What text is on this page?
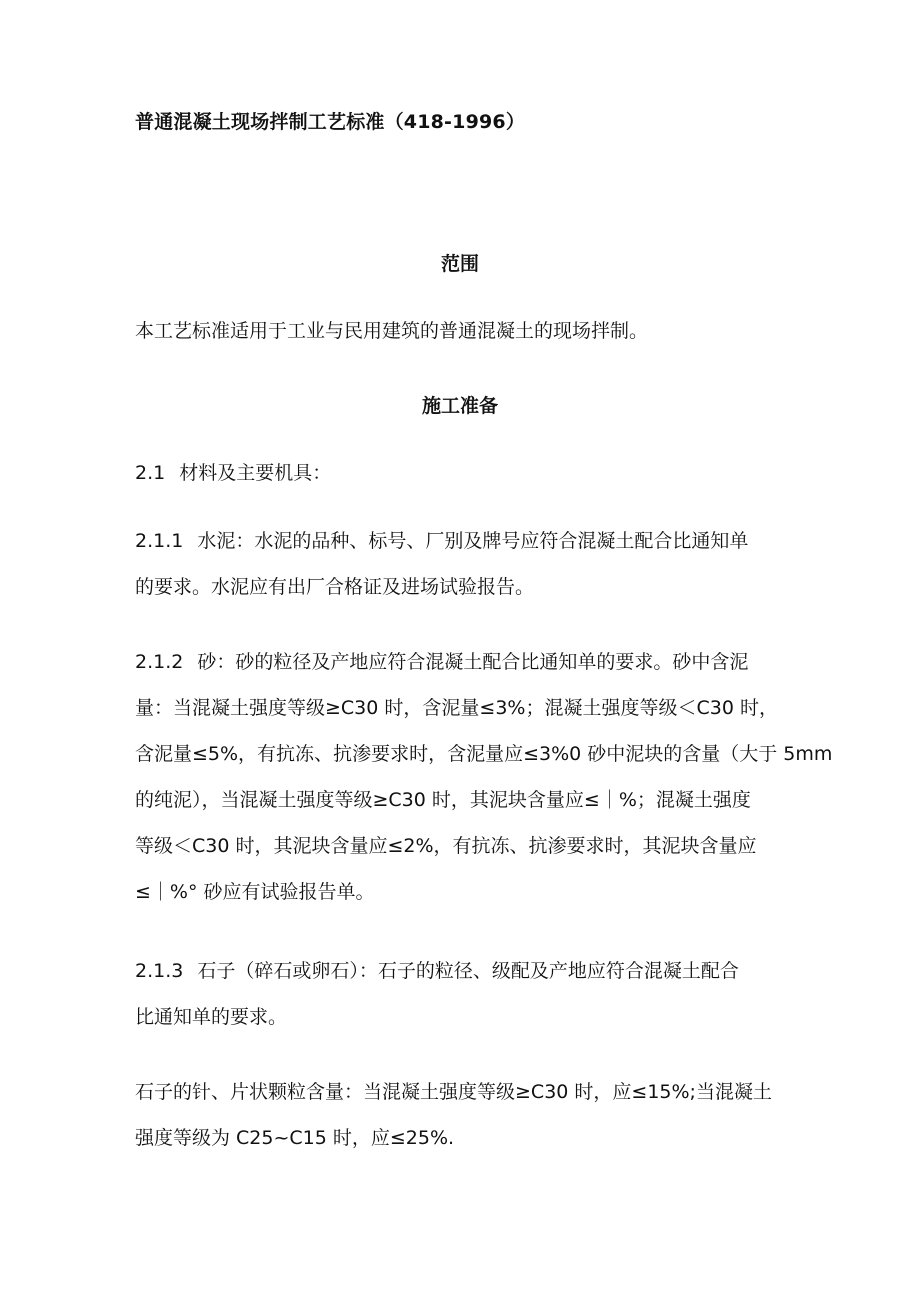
普通混凝土现场拌制工艺标准（418-1996）
范围
本工艺标准适用于工业与民用建筑的普通混凝土的现场拌制。
施工准备
2.1 材料及主要机具：
2.1.1 水泥：水泥的品种、标号、厂别及牌号应符合混凝土配合比通知单
的要求。水泥应有出厂合格证及进场试验报告。
2.1.2 砂：砂的粒径及产地应符合混凝土配合比通知单的要求。砂中含泥
量：当混凝土强度等级≥C30 时，含泥量≤3%；混凝土强度等级＜C30 时，
含泥量≤5%，有抗冻、抗渗要求时，含泥量应≤3%0 砂中泥块的含量（大于 5mm
的纯泥），当混凝土强度等级≥C30 时，其泥块含量应≤｜%；混凝土强度
等级＜C30 时，其泥块含量应≤2%，有抗冻、抗渗要求时，其泥块含量应
≤｜%° 砂应有试验报告单。
2.1.3 石子（碎石或卵石）：石子的粒径、级配及产地应符合混凝土配合
比通知单的要求。
石子的针、片状颗粒含量：当混凝土强度等级≥C30 时，应≤15%;当混凝土
强度等级为 C25~C15 时，应≤25%.
